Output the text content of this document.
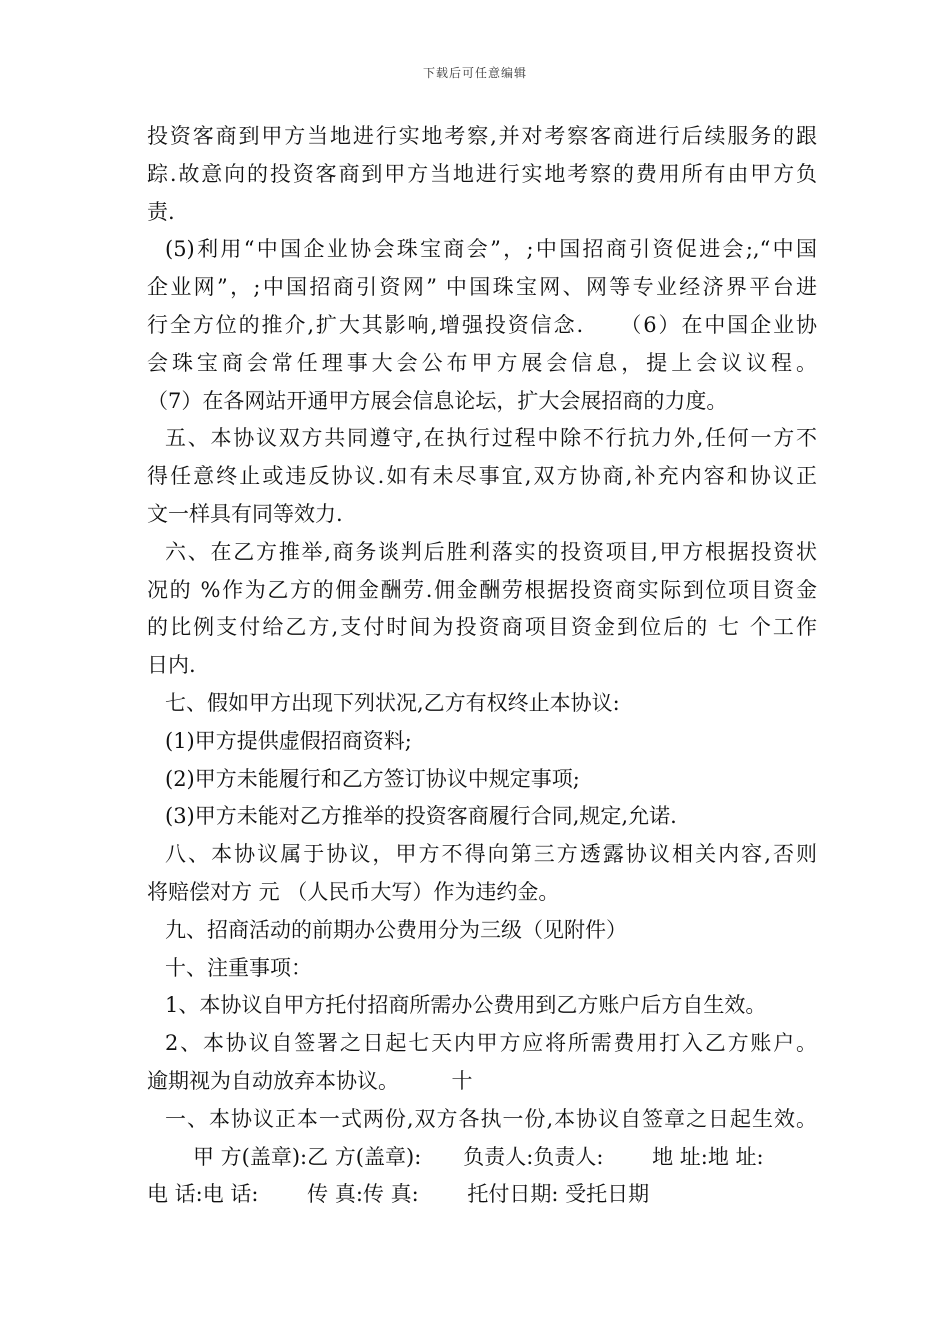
下载后可任意编辑
投资客商到甲方当地进行实地考察,并对考察客商进行后续服务的跟
踪.故意向的投资客商到甲方当地进行实地考察的费用所有由甲方负
责.
(5)利用“中国企业协会珠宝商会”，;中国招商引资促进会;,“中国
企业网”，;中国招商引资网” 中国珠宝网、网等专业经济界平台进
行全方位的推介,扩大其影响,增强投资信念.　　（6）在中国企业协
会珠宝商会常任理事大会公布甲方展会信息，提上会议议程。
（7）在各网站开通甲方展会信息论坛，扩大会展招商的力度。
五、本协议双方共同遵守,在执行过程中除不行抗力外,任何一方不
得任意终止或违反协议.如有未尽事宜,双方协商,补充内容和协议正
文一样具有同等效力.
六、在乙方推举,商务谈判后胜利落实的投资项目,甲方根据投资状
况的 %作为乙方的佣金酬劳.佣金酬劳根据投资商实际到位项目资金
的比例支付给乙方,支付时间为投资商项目资金到位后的 七 个工作
日内.
七、假如甲方出现下列状况,乙方有权终止本协议:
(1)甲方提供虚假招商资料;
(2)甲方未能履行和乙方签订协议中规定事项;
(3)甲方未能对乙方推举的投资客商履行合同,规定,允诺.
八、本协议属于协议，甲方不得向第三方透露协议相关内容,否则
将赔偿对方 元 （人民币大写）作为违约金。
九、招商活动的前期办公费用分为三级（见附件）
十、注重事项：
1、本协议自甲方托付招商所需办公费用到乙方账户后方自生效。
2、本协议自签署之日起七天内甲方应将所需费用打入乙方账户。
逾期视为自动放弃本协议。　　　十
一、本协议正本一式两份,双方各执一份,本协议自签章之日起生效。
甲 方(盖章):乙 方(盖章):　　负责人:负责人:　　 地 址:地 址:
电 话:电 话:　　 传 真:传 真:　　 托付日期: 受托日期
